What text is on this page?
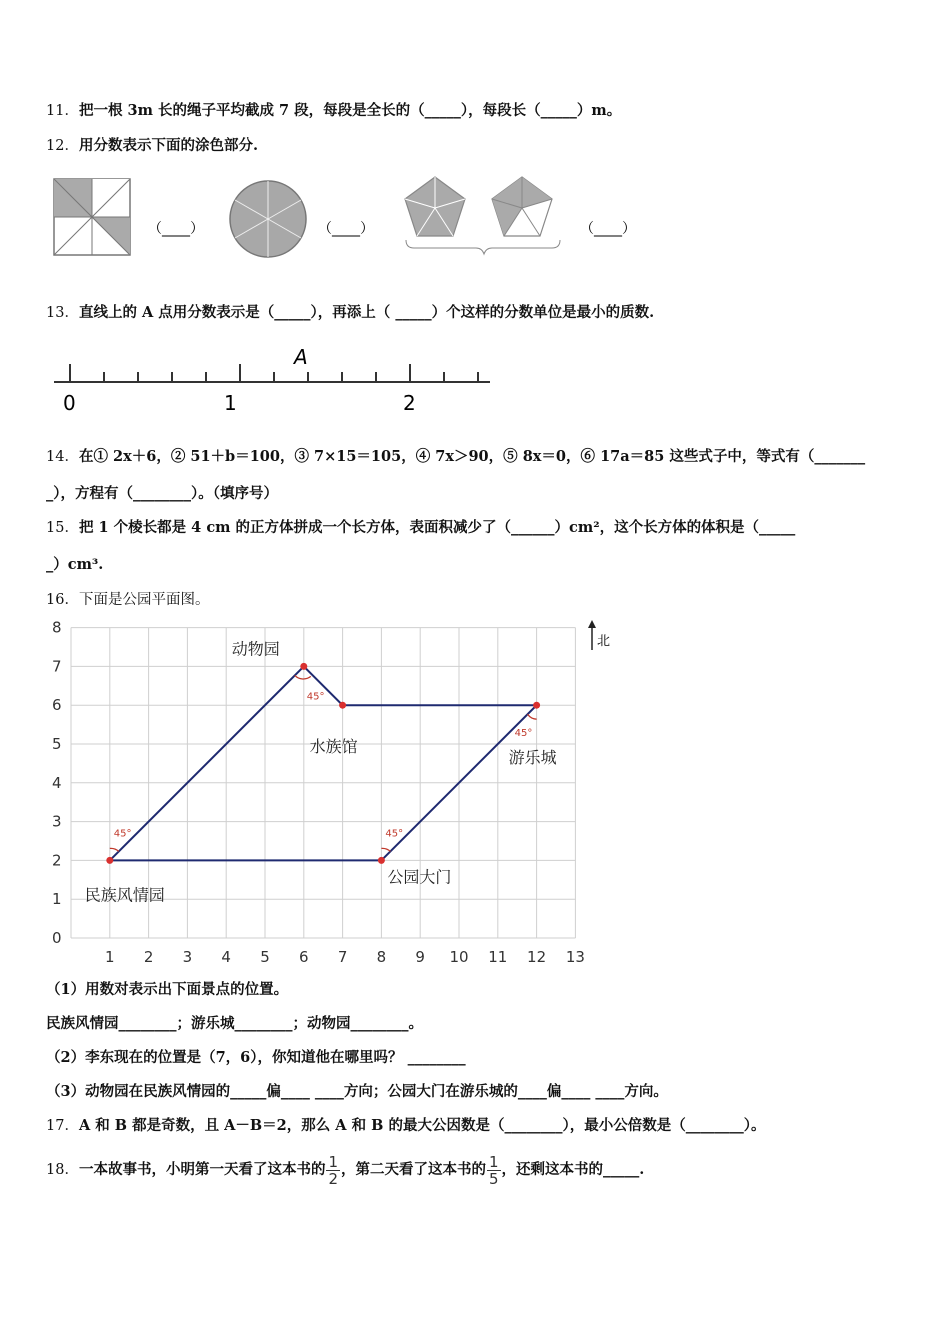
11．把一根 3m 长的绳子平均截成 7 段，每段是全长的（_____），每段长（_____）m。
12．用分数表示下面的涂色部分.
（____）	（____）	（____）
13．直线上的 A 点用分数表示是（_____），再添上（ _____）个这样的分数单位是最小的质数.
A
0	1	2
14．在① 2x＋6，② 51＋b＝100，③ 7×15＝105，④ 7x＞90，⑤ 8x＝0，⑥ 17a＝85 这些式子中，等式有（_______
_），方程有（________）。（填序号）
15．把 1 个棱长都是 4 cm 的正方体拼成一个长方体，表面积减少了（______）cm²，这个长方体的体积是（_____
_）cm³.
16．下面是公园平面图。
1 2 3 4 5 6 7 8 9 10 11 12 13
0
1
2
3
4
5
6
7
8
45°	45°
45°
45°
民族风情园
动物园
水族馆
游乐城
公园大门
北
（1）用数对表示出下面景点的位置。
民族风情园________；游乐城________；动物园________。
（2）李东现在的位置是（7，6），你知道他在哪里吗？ ________
（3）动物园在民族风情园的_____偏____ ____方向；公园大门在游乐城的____偏____ ____方向。
17．A 和 B 都是奇数，且 A－B＝2，那么 A 和 B 的最大公因数是（________），最小公倍数是（________）。
18．一本故事书，小明第一天看了这本书的 $\frac{1}{2}$ ，第二天看了这本书的 $\frac{1}{5}$ ，还剩这本书的_____.
